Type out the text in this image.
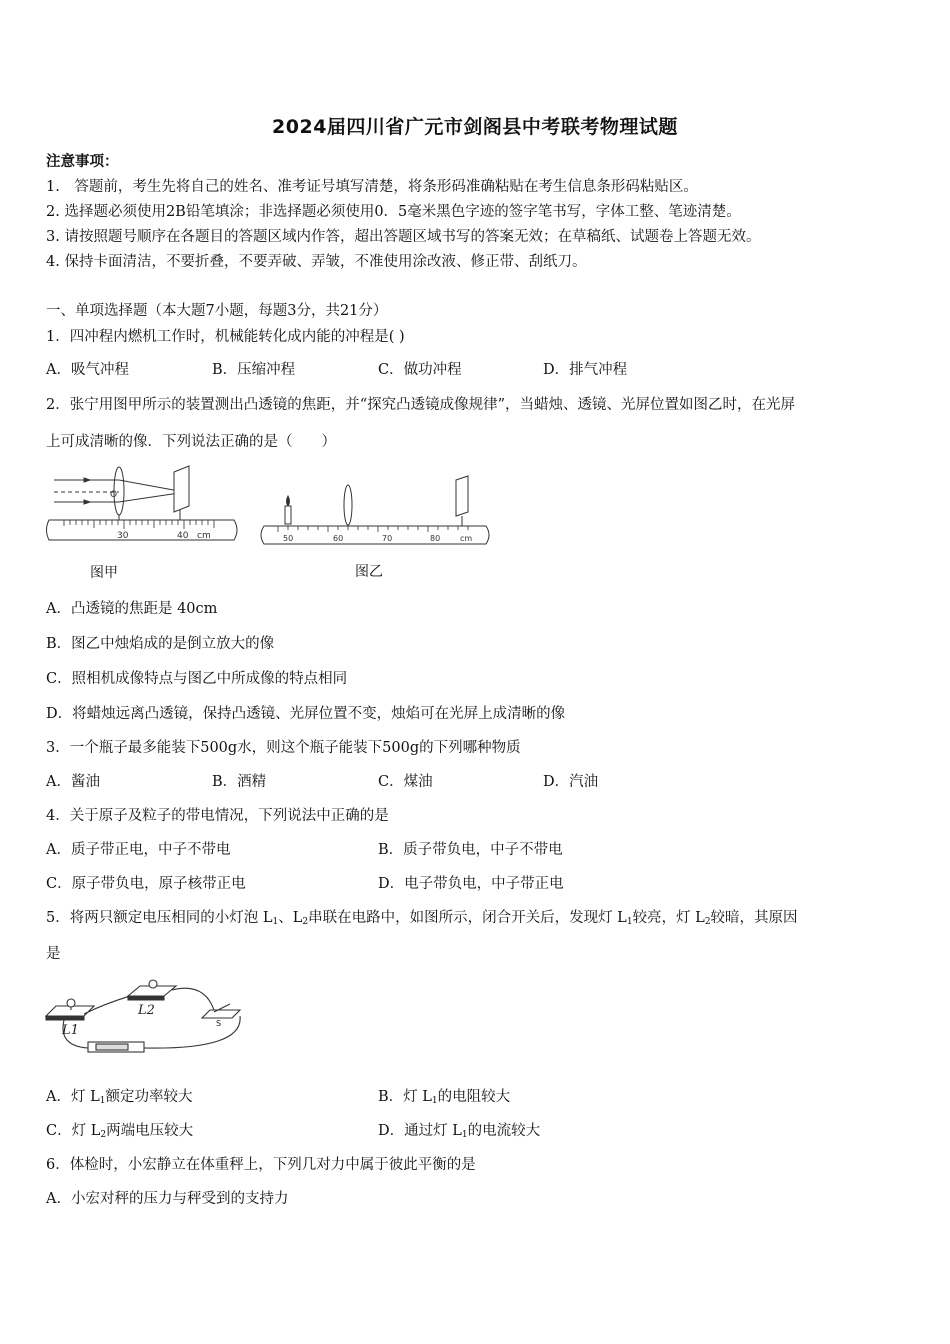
2024届四川省广元市剑阁县中考联考物理试题
注意事项：
1.　答题前，考生先将自己的姓名、准考证号填写清楚，将条形码准确粘贴在考生信息条形码粘贴区。
2. 选择题必须使用2B铅笔填涂；非选择题必须使用0．5毫米黑色字迹的签字笔书写，字体工整、笔迹清楚。
3. 请按照题号顺序在各题目的答题区域内作答，超出答题区域书写的答案无效；在草稿纸、试题卷上答题无效。
4. 保持卡面清洁，不要折叠，不要弄破、弄皱，不准使用涂改液、修正带、刮纸刀。
一、单项选择题（本大题7小题，每题3分，共21分）
1．四冲程内燃机工作时，机械能转化成内能的冲程是( )
A．吸气冲程	B．压缩冲程	C．做功冲程	D．排气冲程
2．张宁用图甲所示的装置测出凸透镜的焦距，并“探究凸透镜成像规律”，当蜡烛、透镜、光屏位置如图乙时，在光屏
上可成清晰的像．下列说法正确的是（　　）
O
30	40 cm
图甲
50	60	70	80 cm
图乙
A．凸透镜的焦距是 40cm
B．图乙中烛焰成的是倒立放大的像
C．照相机成像特点与图乙中所成像的特点相同
D．将蜡烛远离凸透镜，保持凸透镜、光屏位置不变，烛焰可在光屏上成清晰的像
3．一个瓶子最多能装下500g水，则这个瓶子能装下500g的下列哪种物质
A．酱油	B．酒精	C．煤油	D．汽油
4．关于原子及粒子的带电情况，下列说法中正确的是
A．质子带正电，中子不带电	B．质子带负电，中子不带电
C．原子带负电，原子核带正电	D．电子带负电，中子带正电
5．将两只额定电压相同的小灯泡 $L_1$、$L_2$串联在电路中，如图所示，闭合开关后，发现灯 $L_1$较亮，灯 $L_2$较暗，其原因
是
L1
L2
S
A．灯 $L_1$额定功率较大	B．灯 $L_1$的电阻较大
C．灯 $L_2$两端电压较大	D．通过灯 $L_1$的电流较大
6．体检时，小宏静立在体重秤上，下列几对力中属于彼此平衡的是
A．小宏对秤的压力与秤受到的支持力
